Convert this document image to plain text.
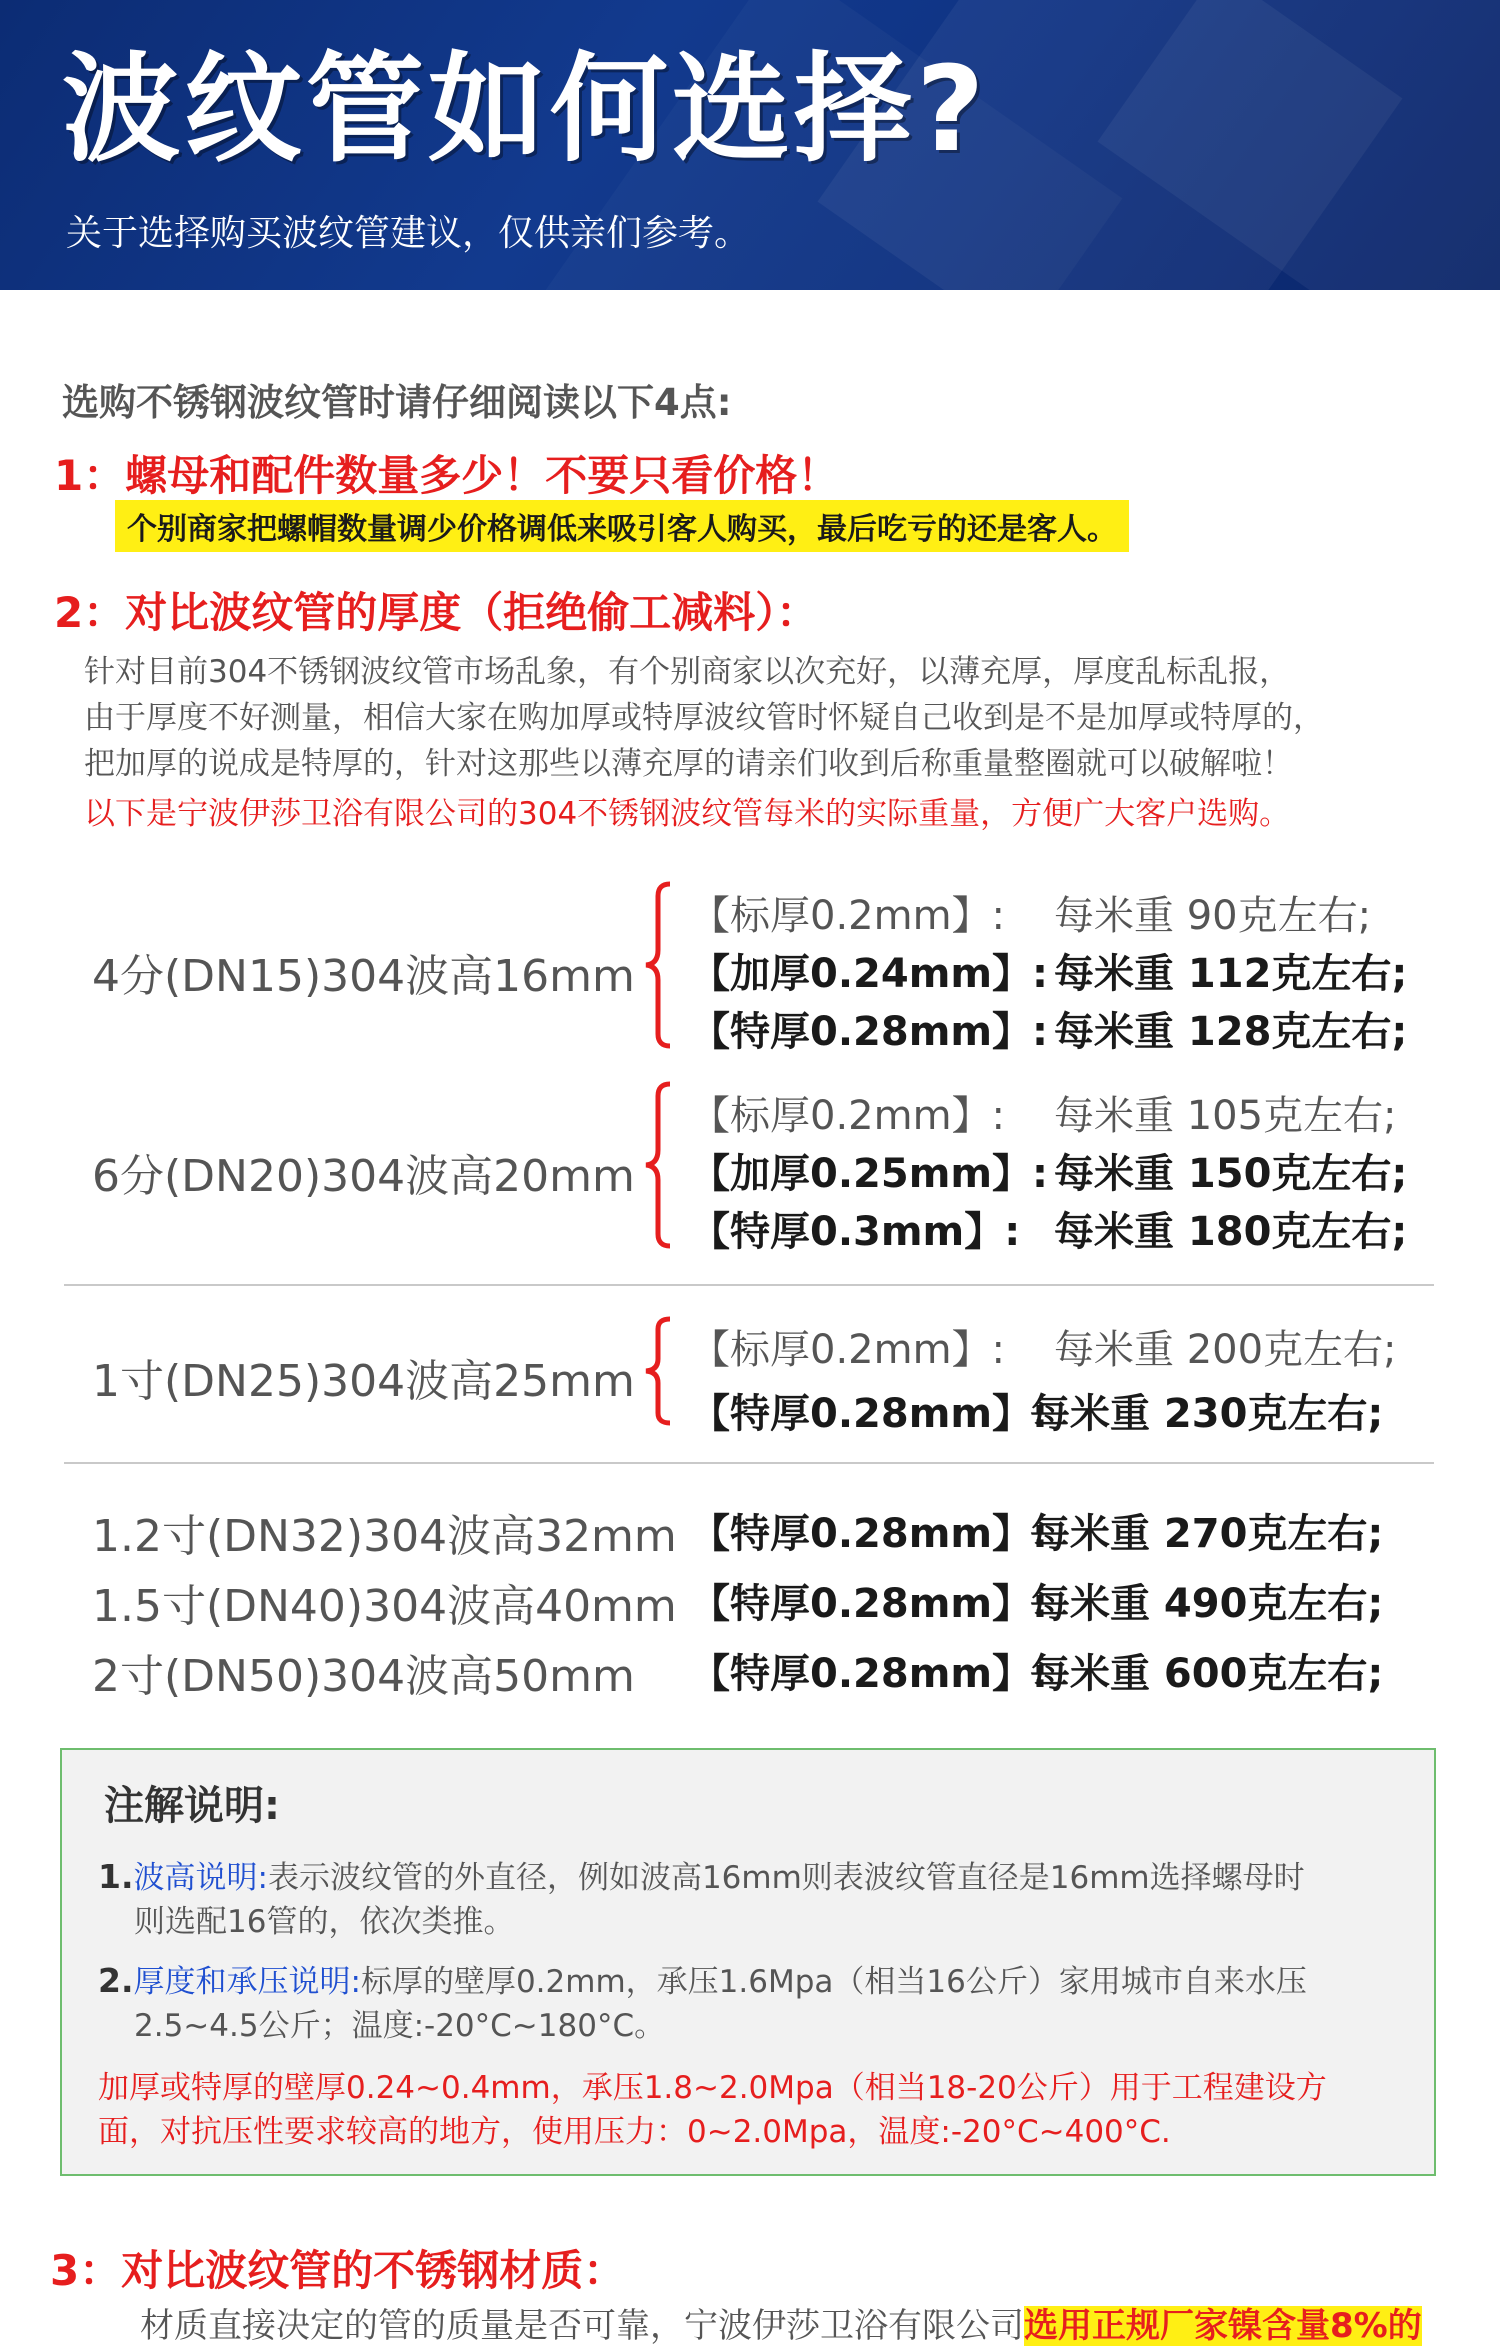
波纹管如何选择?
关于选择购买波纹管建议，仅供亲们参考。
选购不锈钢波纹管时请仔细阅读以下4点:
1：螺母和配件数量多少！不要只看价格！
个别商家把螺帽数量调少价格调低来吸引客人购买，最后吃亏的还是客人。
2：对比波纹管的厚度（拒绝偷工减料）：
针对目前304不锈钢波纹管市场乱象，有个别商家以次充好，以薄充厚，厚度乱标乱报，
由于厚度不好测量，相信大家在购加厚或特厚波纹管时怀疑自己收到是不是加厚或特厚的，
把加厚的说成是特厚的，针对这那些以薄充厚的请亲们收到后称重量整圈就可以破解啦！
以下是宁波伊莎卫浴有限公司的304不锈钢波纹管每米的实际重量，方便广大客户选购。
4分(DN15)304波高16mm
【标厚0.2mm】: 每米重 90克左右;
【加厚0.24mm】: 每米重 112克左右;
【特厚0.28mm】: 每米重 128克左右;
6分(DN20)304波高20mm
【标厚0.2mm】: 每米重 105克左右;
【加厚0.25mm】: 每米重 150克左右;
【特厚0.3mm】: 每米重 180克左右;
1寸(DN25)304波高25mm
【标厚0.2mm】: 每米重 200克左右;
【特厚0.28mm】:
每米重 230克左右;
1.2寸(DN32)304波高32mm 【特厚0.28mm】:
每米重 270克左右;
1.5寸(DN40)304波高40mm 【特厚0.28mm】:
每米重 490克左右;
2寸(DN50)304波高50mm 【特厚0.28mm】:
每米重 600克左右;
注解说明:
1.波高说明:表示波纹管的外直径，例如波高16mm则表波纹管直径是16mm选择螺母时
则选配16管的，依次类推。
2.厚度和承压说明:标厚的壁厚0.2mm，承压1.6Mpa（相当16公斤）家用城市自来水压
2.5~4.5公斤；温度:-20°C~180°C。
加厚或特厚的壁厚0.24~0.4mm，承压1.8~2.0Mpa（相当18-20公斤）用于工程建设方
面，对抗压性要求较高的地方，使用压力：0~2.0Mpa，温度:-20°C~400°C.
3：对比波纹管的不锈钢材质：
材质直接决定的管的质量是否可靠，宁波伊莎卫浴有限公司选用正规厂家镍含量8%的
